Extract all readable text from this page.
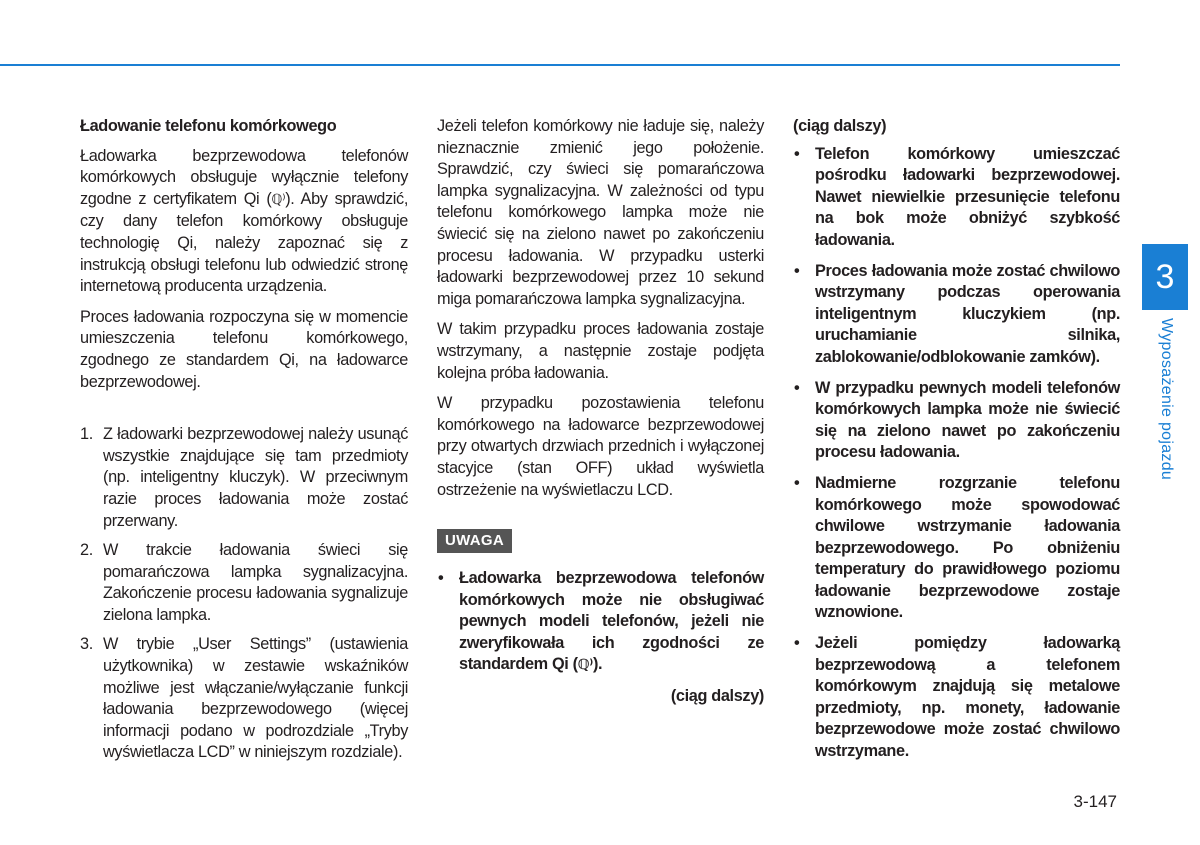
Ładowanie telefonu komórkowego

Ładowarka bezprzewodowa telefonów komórkowych obsługuje wyłącznie telefony zgodne z certyfikatem Qi (ℚ⁾). Aby sprawdzić, czy dany telefon komórkowy obsługuje technologię Qi, należy zapoznać się z instrukcją obsługi telefonu lub odwiedzić stronę internetową producenta urządzenia.

Proces ładowania rozpoczyna się w momencie umieszczenia telefonu komórkowego, zgodnego ze standardem Qi, na ładowarce bezprzewodowej.

1. Z ładowarki bezprzewodowej należy usunąć wszystkie znajdujące się tam przedmioty (np. inteligentny kluczyk). W przeciwnym razie proces ładowania może zostać przerwany.
2. W trakcie ładowania świeci się pomarańczowa lampka sygnalizacyjna. Zakończenie procesu ładowania sygnalizuje zielona lampka.
3. W trybie „User Settings” (ustawienia użytkownika) w zestawie wskaźników możliwe jest włączanie/wyłączanie funkcji ładowania bezprzewodowego (więcej informacji podano w podrozdziale „Tryby wyświetlacza LCD” w niniejszym rozdziale).

Jeżeli telefon komórkowy nie ładuje się, należy nieznacznie zmienić jego położenie. Sprawdzić, czy świeci się pomarańczowa lampka sygnalizacyjna. W zależności od typu telefonu komórkowego lampka może nie świecić się na zielono nawet po zakończeniu procesu ładowania. W przypadku usterki ładowarki bezprzewodowej przez 10 sekund miga pomarańczowa lampka sygnalizacyjna.

W takim przypadku proces ładowania zostaje wstrzymany, a następnie zostaje podjęta kolejna próba ładowania.

W przypadku pozostawienia telefonu komórkowego na ładowarce bezprzewodowej przy otwartych drzwiach przednich i wyłączonej stacyjce (stan OFF) układ wyświetla ostrzeżenie na wyświetlaczu LCD.

UWAGA
• Ładowarka bezprzewodowa telefonów komórkowych może nie obsługiwać pewnych modeli telefonów, jeżeli nie zweryfikowała ich zgodności ze standardem Qi (ℚ⁾).
(ciąg dalszy)
(ciąg dalszy)
• Telefon komórkowy umieszczać pośrodku ładowarki bezprzewodowej. Nawet niewielkie przesunięcie telefonu na bok może obniżyć szybkość ładowania.
• Proces ładowania może zostać chwilowo wstrzymany podczas operowania inteligentnym kluczykiem (np. uruchamianie silnika, zablokowanie/odblokowanie zamków).
• W przypadku pewnych modeli telefonów komórkowych lampka może nie świecić się na zielono nawet po zakończeniu procesu ładowania.
• Nadmierne rozgrzanie telefonu komórkowego może spowodować chwilowe wstrzymanie ładowania bezprzewodowego. Po obniżeniu temperatury do prawidłowego poziomu ładowanie bezprzewodowe zostaje wznowione.
• Jeżeli pomiędzy ładowarką bezprzewodową a telefonem komórkowym znajdują się metalowe przedmioty, np. monety, ładowanie bezprzewodowe może zostać chwilowo wstrzymane.
3
Wyposażenie pojazdu
3-147
